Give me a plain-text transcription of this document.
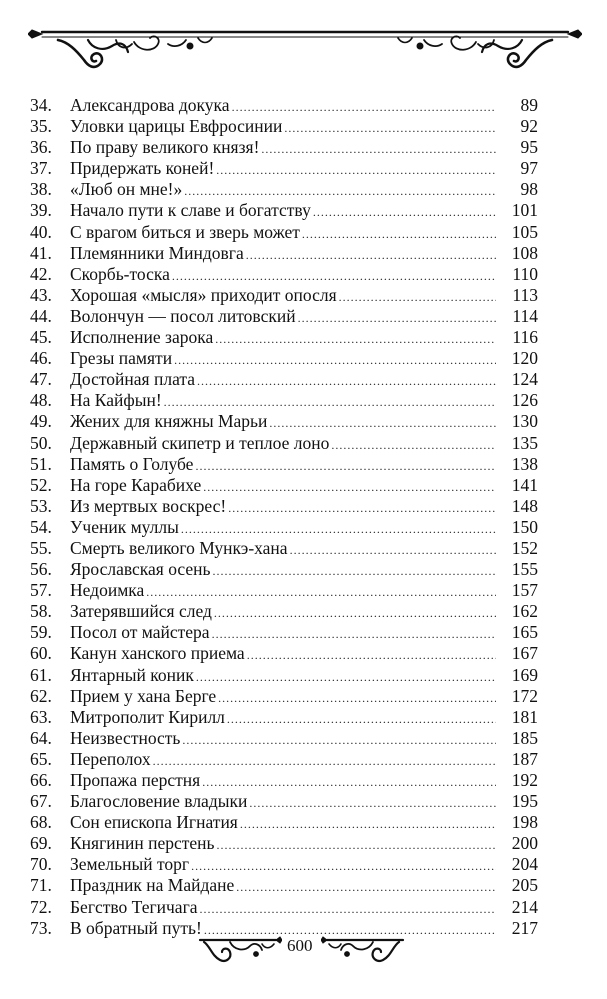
34.	Александрова докука .....	89
35.	Уловки царицы Евфросинии .....	92
36.	По праву великого князя! .....	95
37.	Придержать коней! .....	97
38.	«Люб он мне!» .....	98
39.	Начало пути к славе и богатству .....	101
40.	С врагом биться и зверь может .....	105
41.	Племянники Миндовга .....	108
42.	Скорбь-тоска .....	110
43.	Хорошая «мысля» приходит опосля .....	113
44.	Волончун — посол литовский .....	114
45.	Исполнение зарока .....	116
46.	Грезы памяти .....	120
47.	Достойная плата .....	124
48.	На Кайфын! .....	126
49.	Жених для княжны Марьи .....	130
50.	Державный скипетр и теплое лоно .....	135
51.	Память о Голубе .....	138
52.	На горе Карабихе .....	141
53.	Из мертвых воскрес! .....	148
54.	Ученик муллы .....	150
55.	Смерть великого Мункэ-хана .....	152
56.	Ярославская осень .....	155
57.	Недоимка .....	157
58.	Затерявшийся след .....	162
59.	Посол от майстера .....	165
60.	Канун ханского приема .....	167
61.	Янтарный коник .....	169
62.	Прием у хана Берге .....	172
63.	Митрополит Кирилл .....	181
64.	Неизвестность .....	185
65.	Переполох .....	187
66.	Пропажа перстня .....	192
67.	Благословение владыки .....	195
68.	Сон епископа Игнатия .....	198
69.	Княгинин перстень .....	200
70.	Земельный торг .....	204
71.	Праздник на Майдане .....	205
72.	Бегство Тегичага .....	214
73.	В обратный путь! .....	217
600
